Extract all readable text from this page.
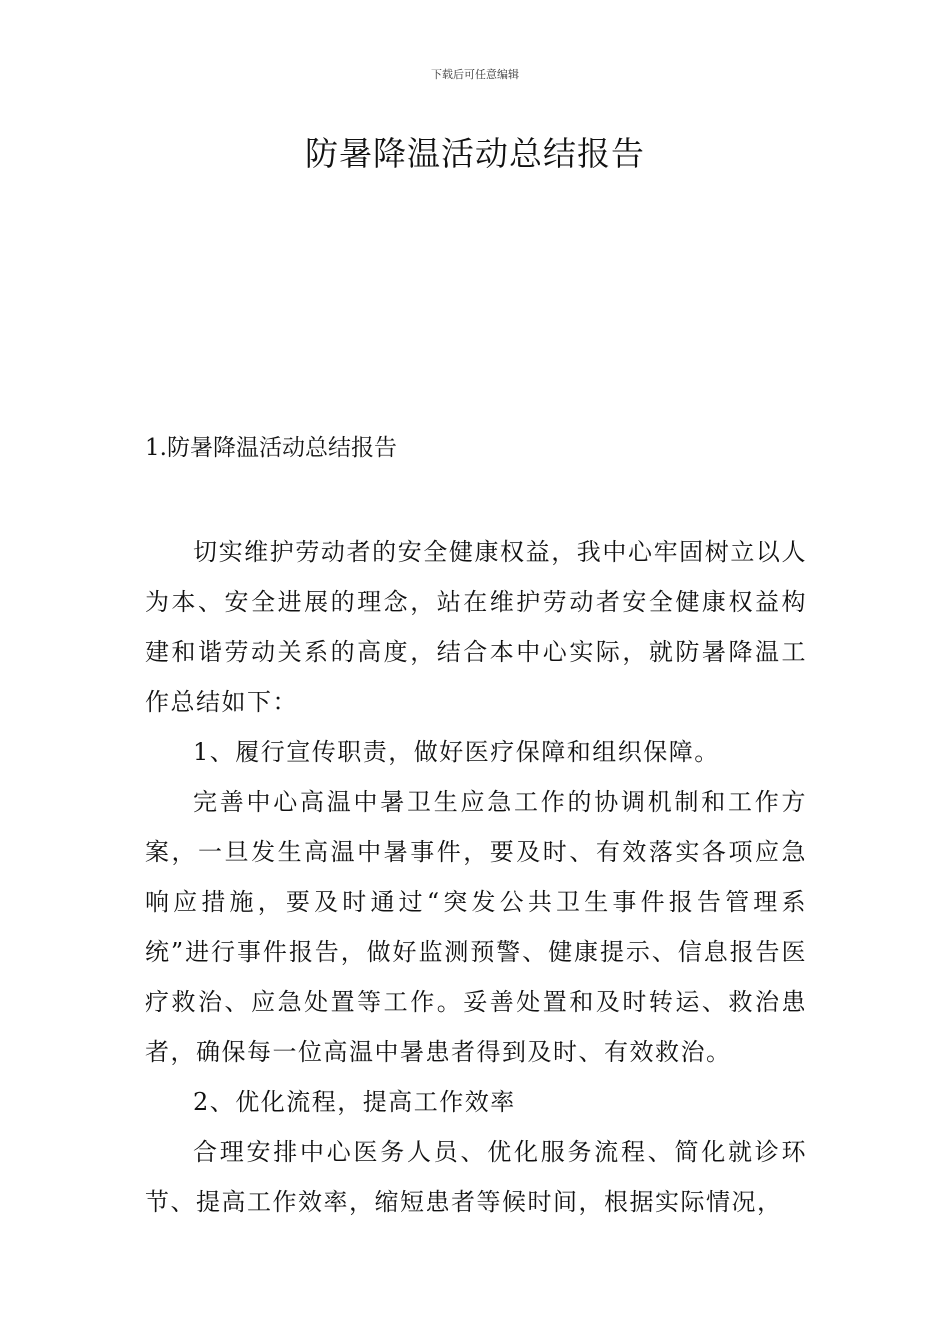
下载后可任意编辑
防暑降温活动总结报告
1.防暑降温活动总结报告

切实维护劳动者的安全健康权益，我中心牢固树立以人为本、安全进展的理念，站在维护劳动者安全健康权益构建和谐劳动关系的高度，结合本中心实际，就防暑降温工作总结如下：

1、履行宣传职责，做好医疗保障和组织保障。

完善中心高温中暑卫生应急工作的协调机制和工作方案，一旦发生高温中暑事件，要及时、有效落实各项应急响应措施，要及时通过“突发公共卫生事件报告管理系统”进行事件报告，做好监测预警、健康提示、信息报告医疗救治、应急处置等工作。妥善处置和及时转运、救治患者，确保每一位高温中暑患者得到及时、有效救治。

2、优化流程，提高工作效率

合理安排中心医务人员、优化服务流程、简化就诊环节、提高工作效率，缩短患者等候时间，根据实际情况，
